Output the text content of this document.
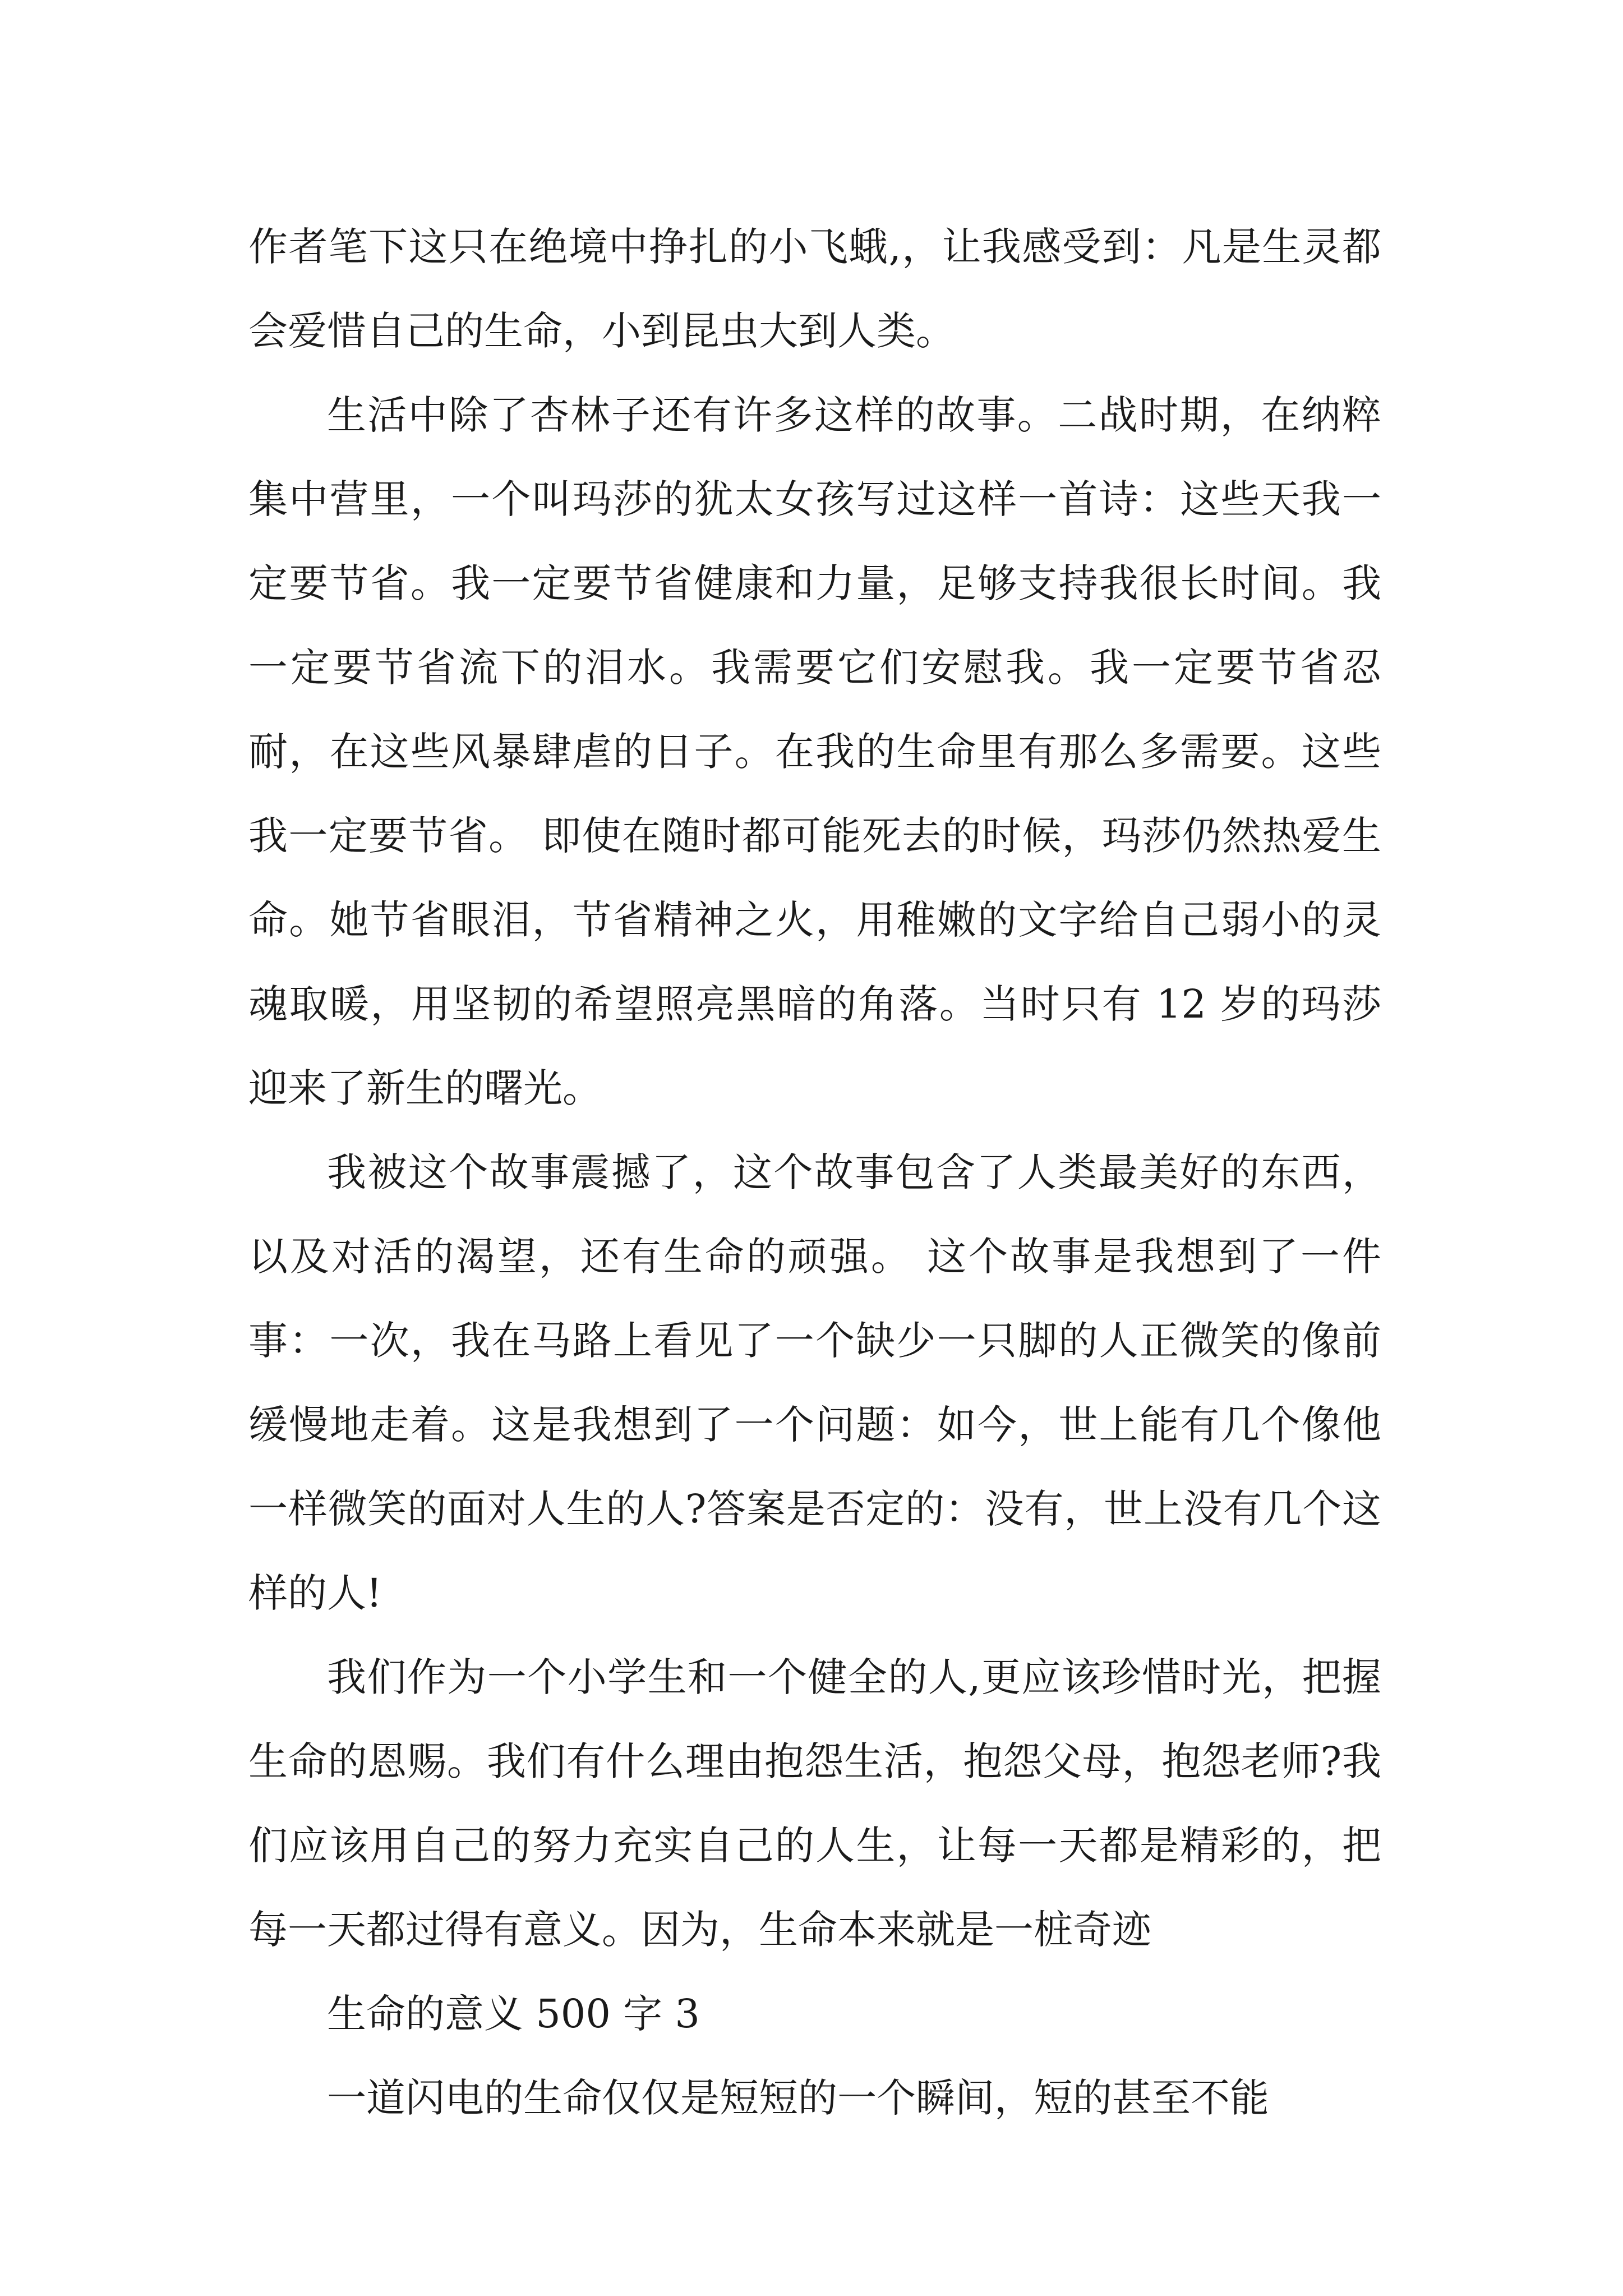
作者笔下这只在绝境中挣扎的小飞蛾,，让我感受到：凡是生灵都会爱惜自己的生命，小到昆虫大到人类。

生活中除了杏林子还有许多这样的故事。二战时期，在纳粹集中营里，一个叫玛莎的犹太女孩写过这样一首诗：这些天我一定要节省。我一定要节省健康和力量，足够支持我很长时间。我一定要节省流下的泪水。我需要它们安慰我。我一定要节省忍耐，在这些风暴肆虐的日子。在我的生命里有那么多需要。这些我一定要节省。 即使在随时都可能死去的时候，玛莎仍然热爱生命。她节省眼泪，节省精神之火，用稚嫩的文字给自己弱小的灵魂取暖，用坚韧的希望照亮黑暗的角落。当时只有 12 岁的玛莎迎来了新生的曙光。

我被这个故事震撼了，这个故事包含了人类最美好的东西，以及对活的渴望，还有生命的顽强。 这个故事是我想到了一件事：一次，我在马路上看见了一个缺少一只脚的人正微笑的像前缓慢地走着。这是我想到了一个问题：如今，世上能有几个像他一样微笑的面对人生的人?答案是否定的：没有，世上没有几个这样的人!

我们作为一个小学生和一个健全的人,更应该珍惜时光，把握生命的恩赐。我们有什么理由抱怨生活，抱怨父母，抱怨老师?我们应该用自己的努力充实自己的人生，让每一天都是精彩的，把每一天都过得有意义。因为，生命本来就是一桩奇迹

生命的意义 500 字 3

一道闪电的生命仅仅是短短的一个瞬间，短的甚至不能
